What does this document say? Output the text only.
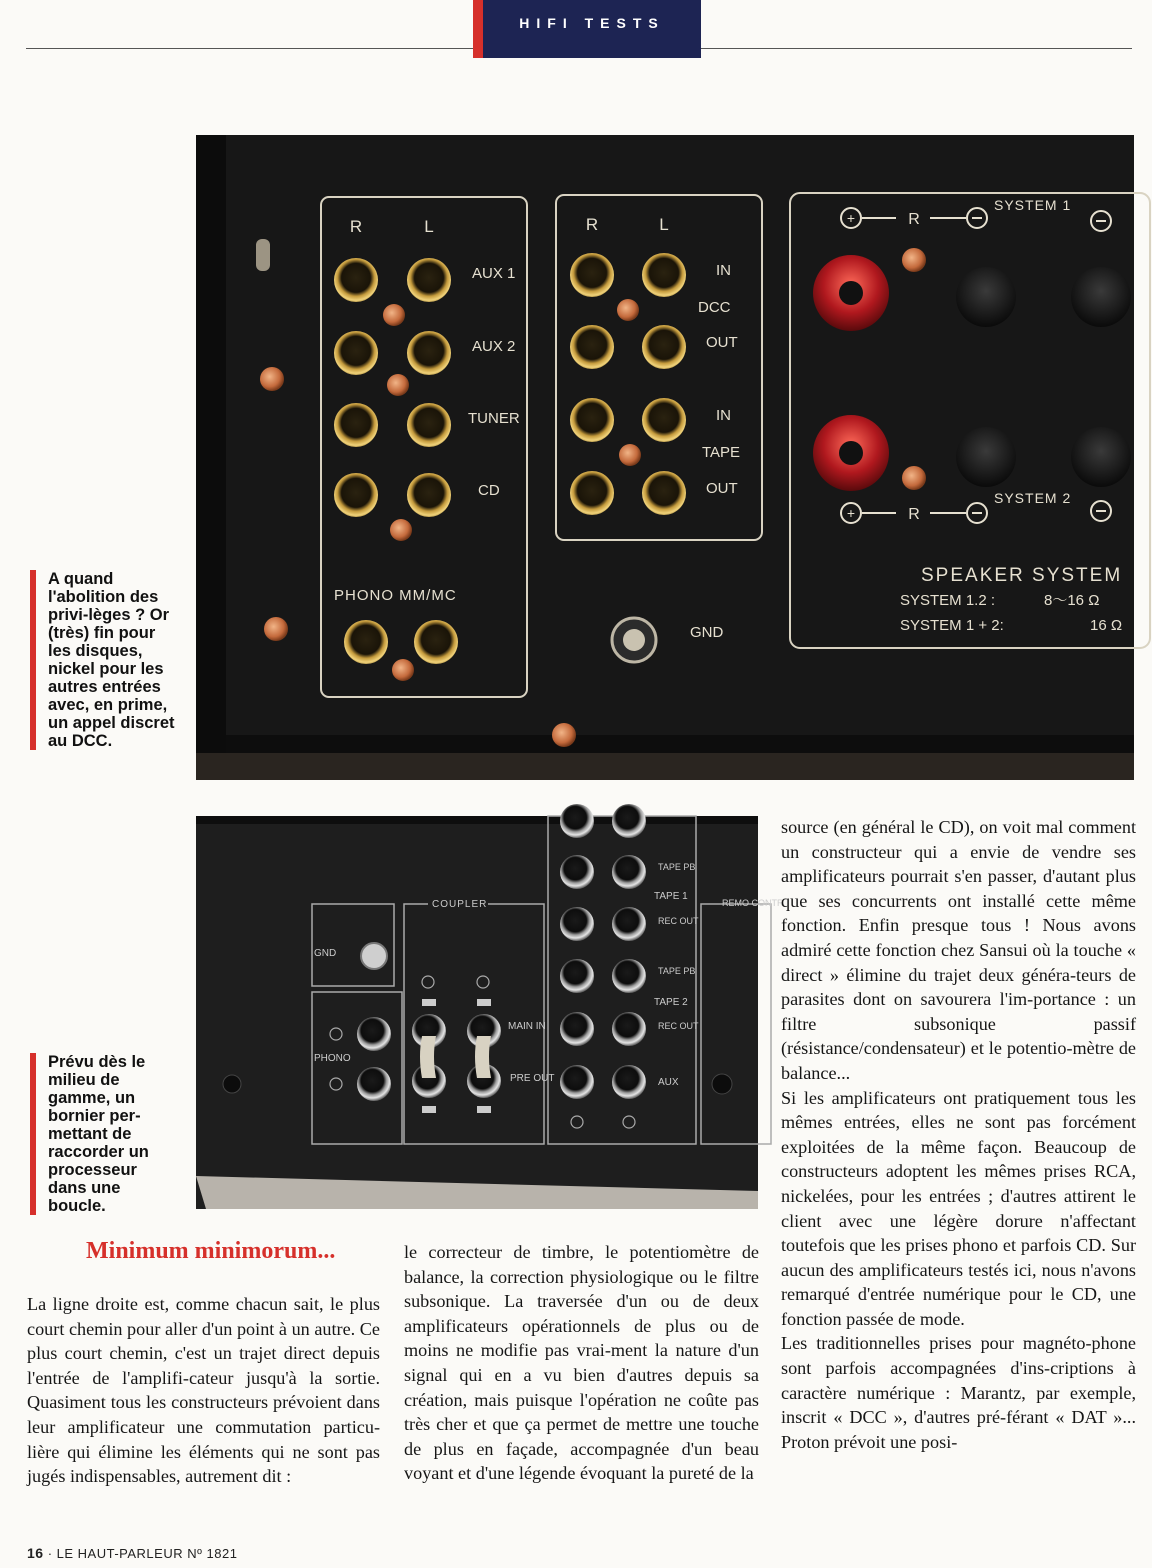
HIFI TESTS
R	L
AUX 1
AUX 2
TUNER
CD
PHONO MM/MC
R	L
IN
DCC
OUT
IN
TAPE
OUT
GND
+	R
SYSTEM 1
+	R
SYSTEM 2
SPEAKER SYSTEM
SYSTEM 1.2 :	8～16 Ω
SYSTEM 1 + 2:	16 Ω
GND
COUPLER
MAIN IN
PRE OUT
PHONO
TAPE PB
TAPE 1
REC OUT
TAPE PB
TAPE 2
REC OUT
AUX
REMO CONTR
A quand l'abolition des privi-lèges ? Or (très) fin pour les disques, nickel pour les autres entrées avec, en prime, un appel discret au DCC.
Prévu dès le milieu de gamme, un bornier per-mettant de raccorder un processeur dans une boucle.
Minimum minimorum...

La ligne droite est, comme chacun sait, le plus court chemin pour aller d'un point à un autre. Ce plus court chemin, c'est un trajet direct depuis l'entrée de l'amplifi-cateur jusqu'à la sortie. Quasiment tous les constructeurs prévoient dans leur amplificateur une commutation particu-lière qui élimine les éléments qui ne sont pas jugés indispensables, autrement dit :

le correcteur de timbre, le potentiomètre de balance, la correction physiologique ou le filtre subsonique. La traversée d'un ou de deux amplificateurs opérationnels de plus ou de moins ne modifie pas vrai-ment la nature d'un signal qui en a vu bien d'autres depuis sa création, mais puisque l'opération ne coûte pas très cher et que ça permet de mettre une touche de plus en façade, accompagnée d'un beau voyant et d'une légende évoquant la pureté de la

source (en général le CD), on voit mal comment un constructeur qui a envie de vendre ses amplificateurs pourrait s'en passer, d'autant plus que ses concurrents ont installé cette même fonction. Enfin presque tous ! Nous avons admiré cette fonction chez Sansui où la touche « direct » élimine du trajet deux généra-teurs de parasites dont on savourera l'im-portance : un filtre subsonique passif (résistance/condensateur) et le potentio-mètre de balance...

Si les amplificateurs ont pratiquement tous les mêmes entrées, elles ne sont pas forcément exploitées de la même façon. Beaucoup de constructeurs adoptent les mêmes prises RCA, nickelées, pour les entrées ; d'autres attirent le client avec une légère dorure n'affectant toutefois que les prises phono et parfois CD. Sur aucun des amplificateurs testés ici, nous n'avons remarqué d'entrée numérique pour le CD, une fonction passée de mode.

Les traditionnelles prises pour magnéto-phone sont parfois accompagnées d'ins-criptions à caractère numérique : Marantz, par exemple, inscrit « DCC », d'autres pré-férant « DAT »... Proton prévoit une posi-

16 · LE HAUT-PARLEUR Nº 1821
